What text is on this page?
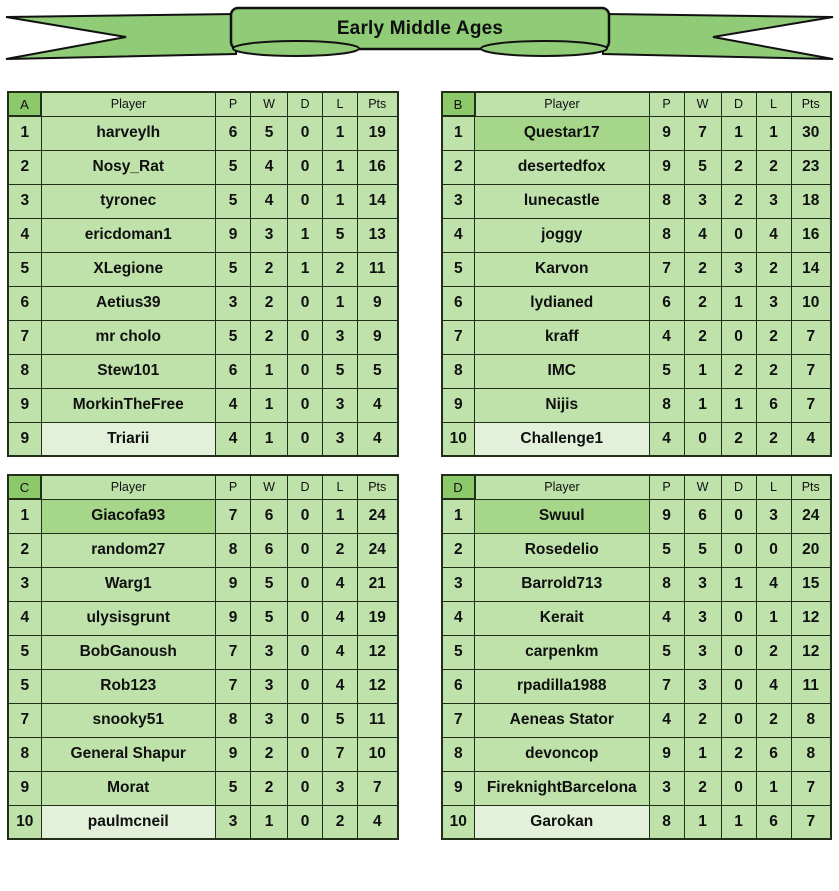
Early Middle Ages
A	Player	P	W	D	L	Pts
1	harveylh	6	5	0	1	19
2	Nosy_Rat	5	4	0	1	16
3	tyronec	5	4	0	1	14
4	ericdoman1	9	3	1	5	13
5	XLegione	5	2	1	2	11
6	Aetius39	3	2	0	1	9
7	mr cholo	5	2	0	3	9
8	Stew101	6	1	0	5	5
9	MorkinTheFree	4	1	0	3	4
9	Triarii	4	1	0	3	4
B	Player	P	W	D	L	Pts
1	Questar17	9	7	1	1	30
2	desertedfox	9	5	2	2	23
3	lunecastle	8	3	2	3	18
4	joggy	8	4	0	4	16
5	Karvon	7	2	3	2	14
6	lydianed	6	2	1	3	10
7	kraff	4	2	0	2	7
8	IMC	5	1	2	2	7
9	Nijis	8	1	1	6	7
10	Challenge1	4	0	2	2	4
C	Player	P	W	D	L	Pts
1	Giacofa93	7	6	0	1	24
2	random27	8	6	0	2	24
3	Warg1	9	5	0	4	21
4	ulysisgrunt	9	5	0	4	19
5	BobGanoush	7	3	0	4	12
5	Rob123	7	3	0	4	12
7	snooky51	8	3	0	5	11
8	General Shapur	9	2	0	7	10
9	Morat	5	2	0	3	7
10	paulmcneil	3	1	0	2	4
D	Player	P	W	D	L	Pts
1	Swuul	9	6	0	3	24
2	Rosedelio	5	5	0	0	20
3	Barrold713	8	3	1	4	15
4	Kerait	4	3	0	1	12
5	carpenkm	5	3	0	2	12
6	rpadilla1988	7	3	0	4	11
7	Aeneas Stator	4	2	0	2	8
8	devoncop	9	1	2	6	8
9	FireknightBarcelona	3	2	0	1	7
10	Garokan	8	1	1	6	7
